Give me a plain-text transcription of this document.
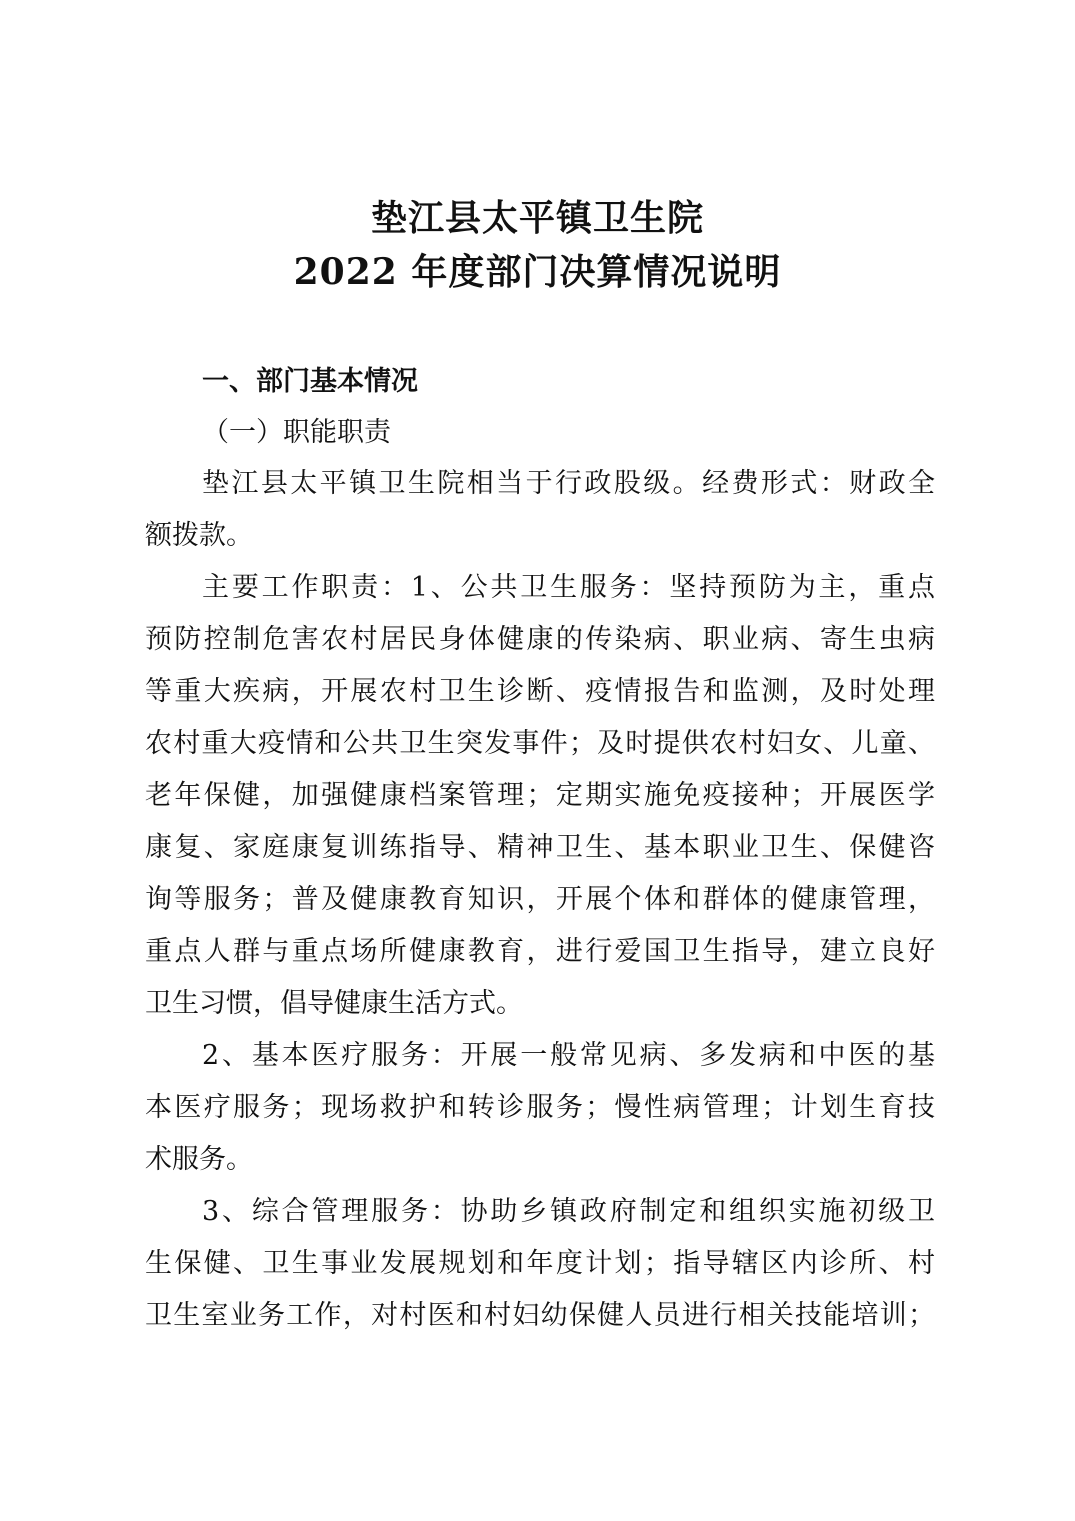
垫江县太平镇卫生院
2022 年度部门决算情况说明
一、部门基本情况
（一）职能职责
垫江县太平镇卫生院相当于行政股级。经费形式：财政全
额拨款。
主要工作职责：1、公共卫生服务：坚持预防为主，重点
预防控制危害农村居民身体健康的传染病、职业病、寄生虫病
等重大疾病，开展农村卫生诊断、疫情报告和监测，及时处理
农村重大疫情和公共卫生突发事件；及时提供农村妇女、儿童、
老年保健，加强健康档案管理；定期实施免疫接种；开展医学
康复、家庭康复训练指导、精神卫生、基本职业卫生、保健咨
询等服务；普及健康教育知识，开展个体和群体的健康管理，
重点人群与重点场所健康教育，进行爱国卫生指导，建立良好
卫生习惯，倡导健康生活方式。
2、基本医疗服务：开展一般常见病、多发病和中医的基
本医疗服务；现场救护和转诊服务；慢性病管理；计划生育技
术服务。
3、综合管理服务：协助乡镇政府制定和组织实施初级卫
生保健、卫生事业发展规划和年度计划；指导辖区内诊所、村
卫生室业务工作，对村医和村妇幼保健人员进行相关技能培训；
